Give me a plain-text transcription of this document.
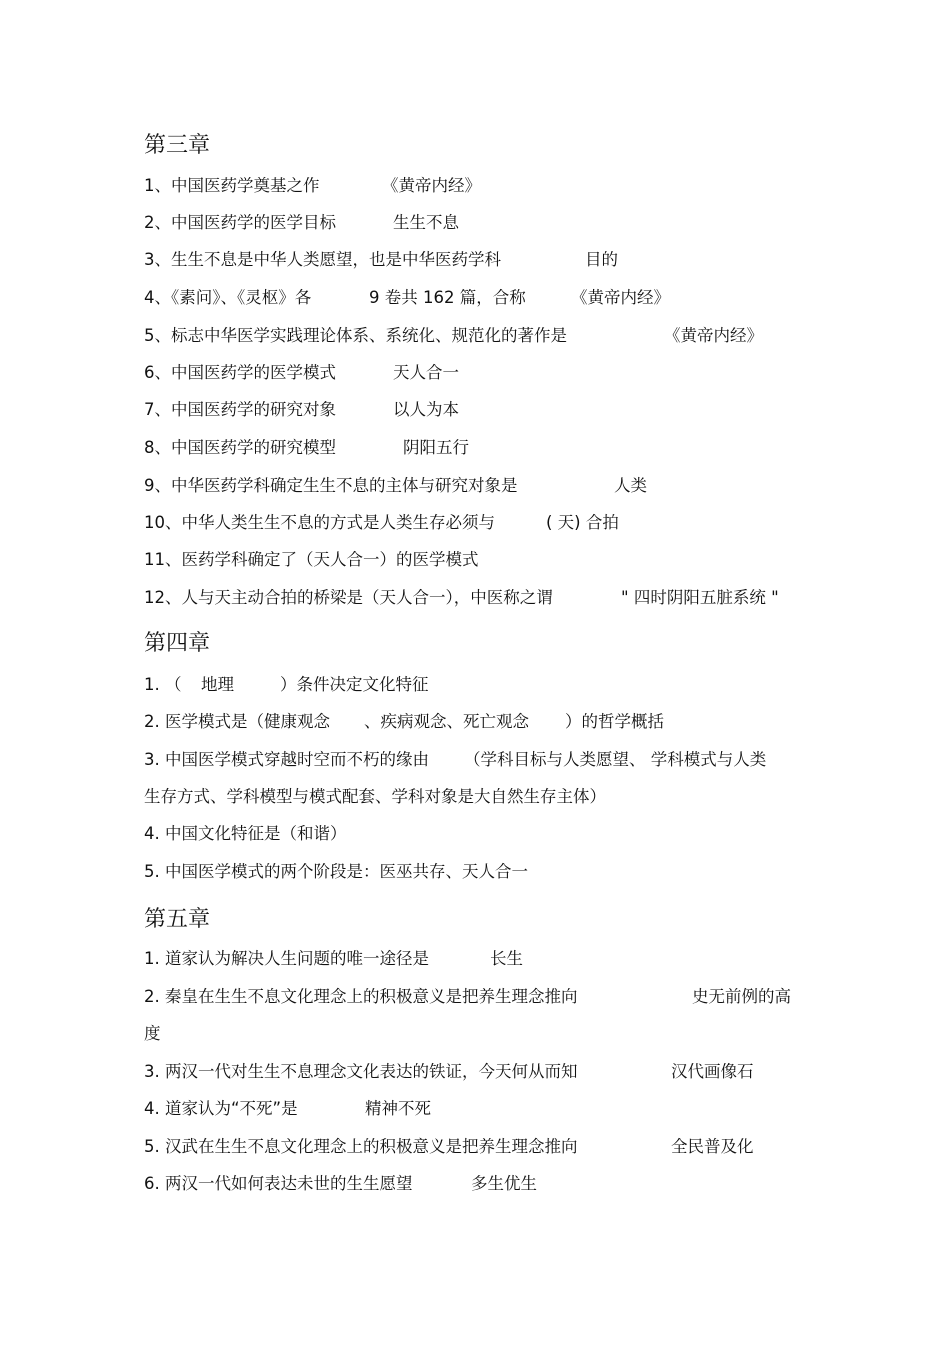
第三章
1、中国医药学奠基之作	《黄帝内经》
2、中国医药学的医学目标	生生不息
3、生生不息是中华人类愿望，也是中华医药学科	目的
4、《素问》、《灵枢》各	9 卷共 162 篇，合称	《黄帝内经》
5、标志中华医学实践理论体系、系统化、规范化的著作是	《黄帝内经》
6、中国医药学的医学模式	天人合一
7、中国医药学的研究对象	以人为本
8、中国医药学的研究模型	阴阳五行
9、中华医药学科确定生生不息的主体与研究对象是	人类
10、中华人类生生不息的方式是人类生存必须与	( 天) 合拍
11、医药学科确定了（天人合一）的医学模式
12、人与天主动合拍的桥梁是（天人合一），中医称之谓	" 四时阴阳五脏系统 "
第四章
1. （ 地理	）条件决定文化特征
2. 医学模式是（健康观念 、疾病观念、死亡观念 ）的哲学概括
3. 中国医学模式穿越时空而不朽的缘由 （学科目标与人类愿望、 学科模式与人类
生存方式、学科模型与模式配套、学科对象是大自然生存主体）
4. 中国文化特征是（和谐）
5. 中国医学模式的两个阶段是：医巫共存、天人合一
第五章
1. 道家认为解决人生问题的唯一途径是	长生
2. 秦皇在生生不息文化理念上的积极意义是把养生理念推向	史无前例的高
度
3. 两汉一代对生生不息理念文化表达的铁证，今天何从而知	汉代画像石
4. 道家认为“不死”是	精神不死
5. 汉武在生生不息文化理念上的积极意义是把养生理念推向	全民普及化
6. 两汉一代如何表达未世的生生愿望	多生优生
